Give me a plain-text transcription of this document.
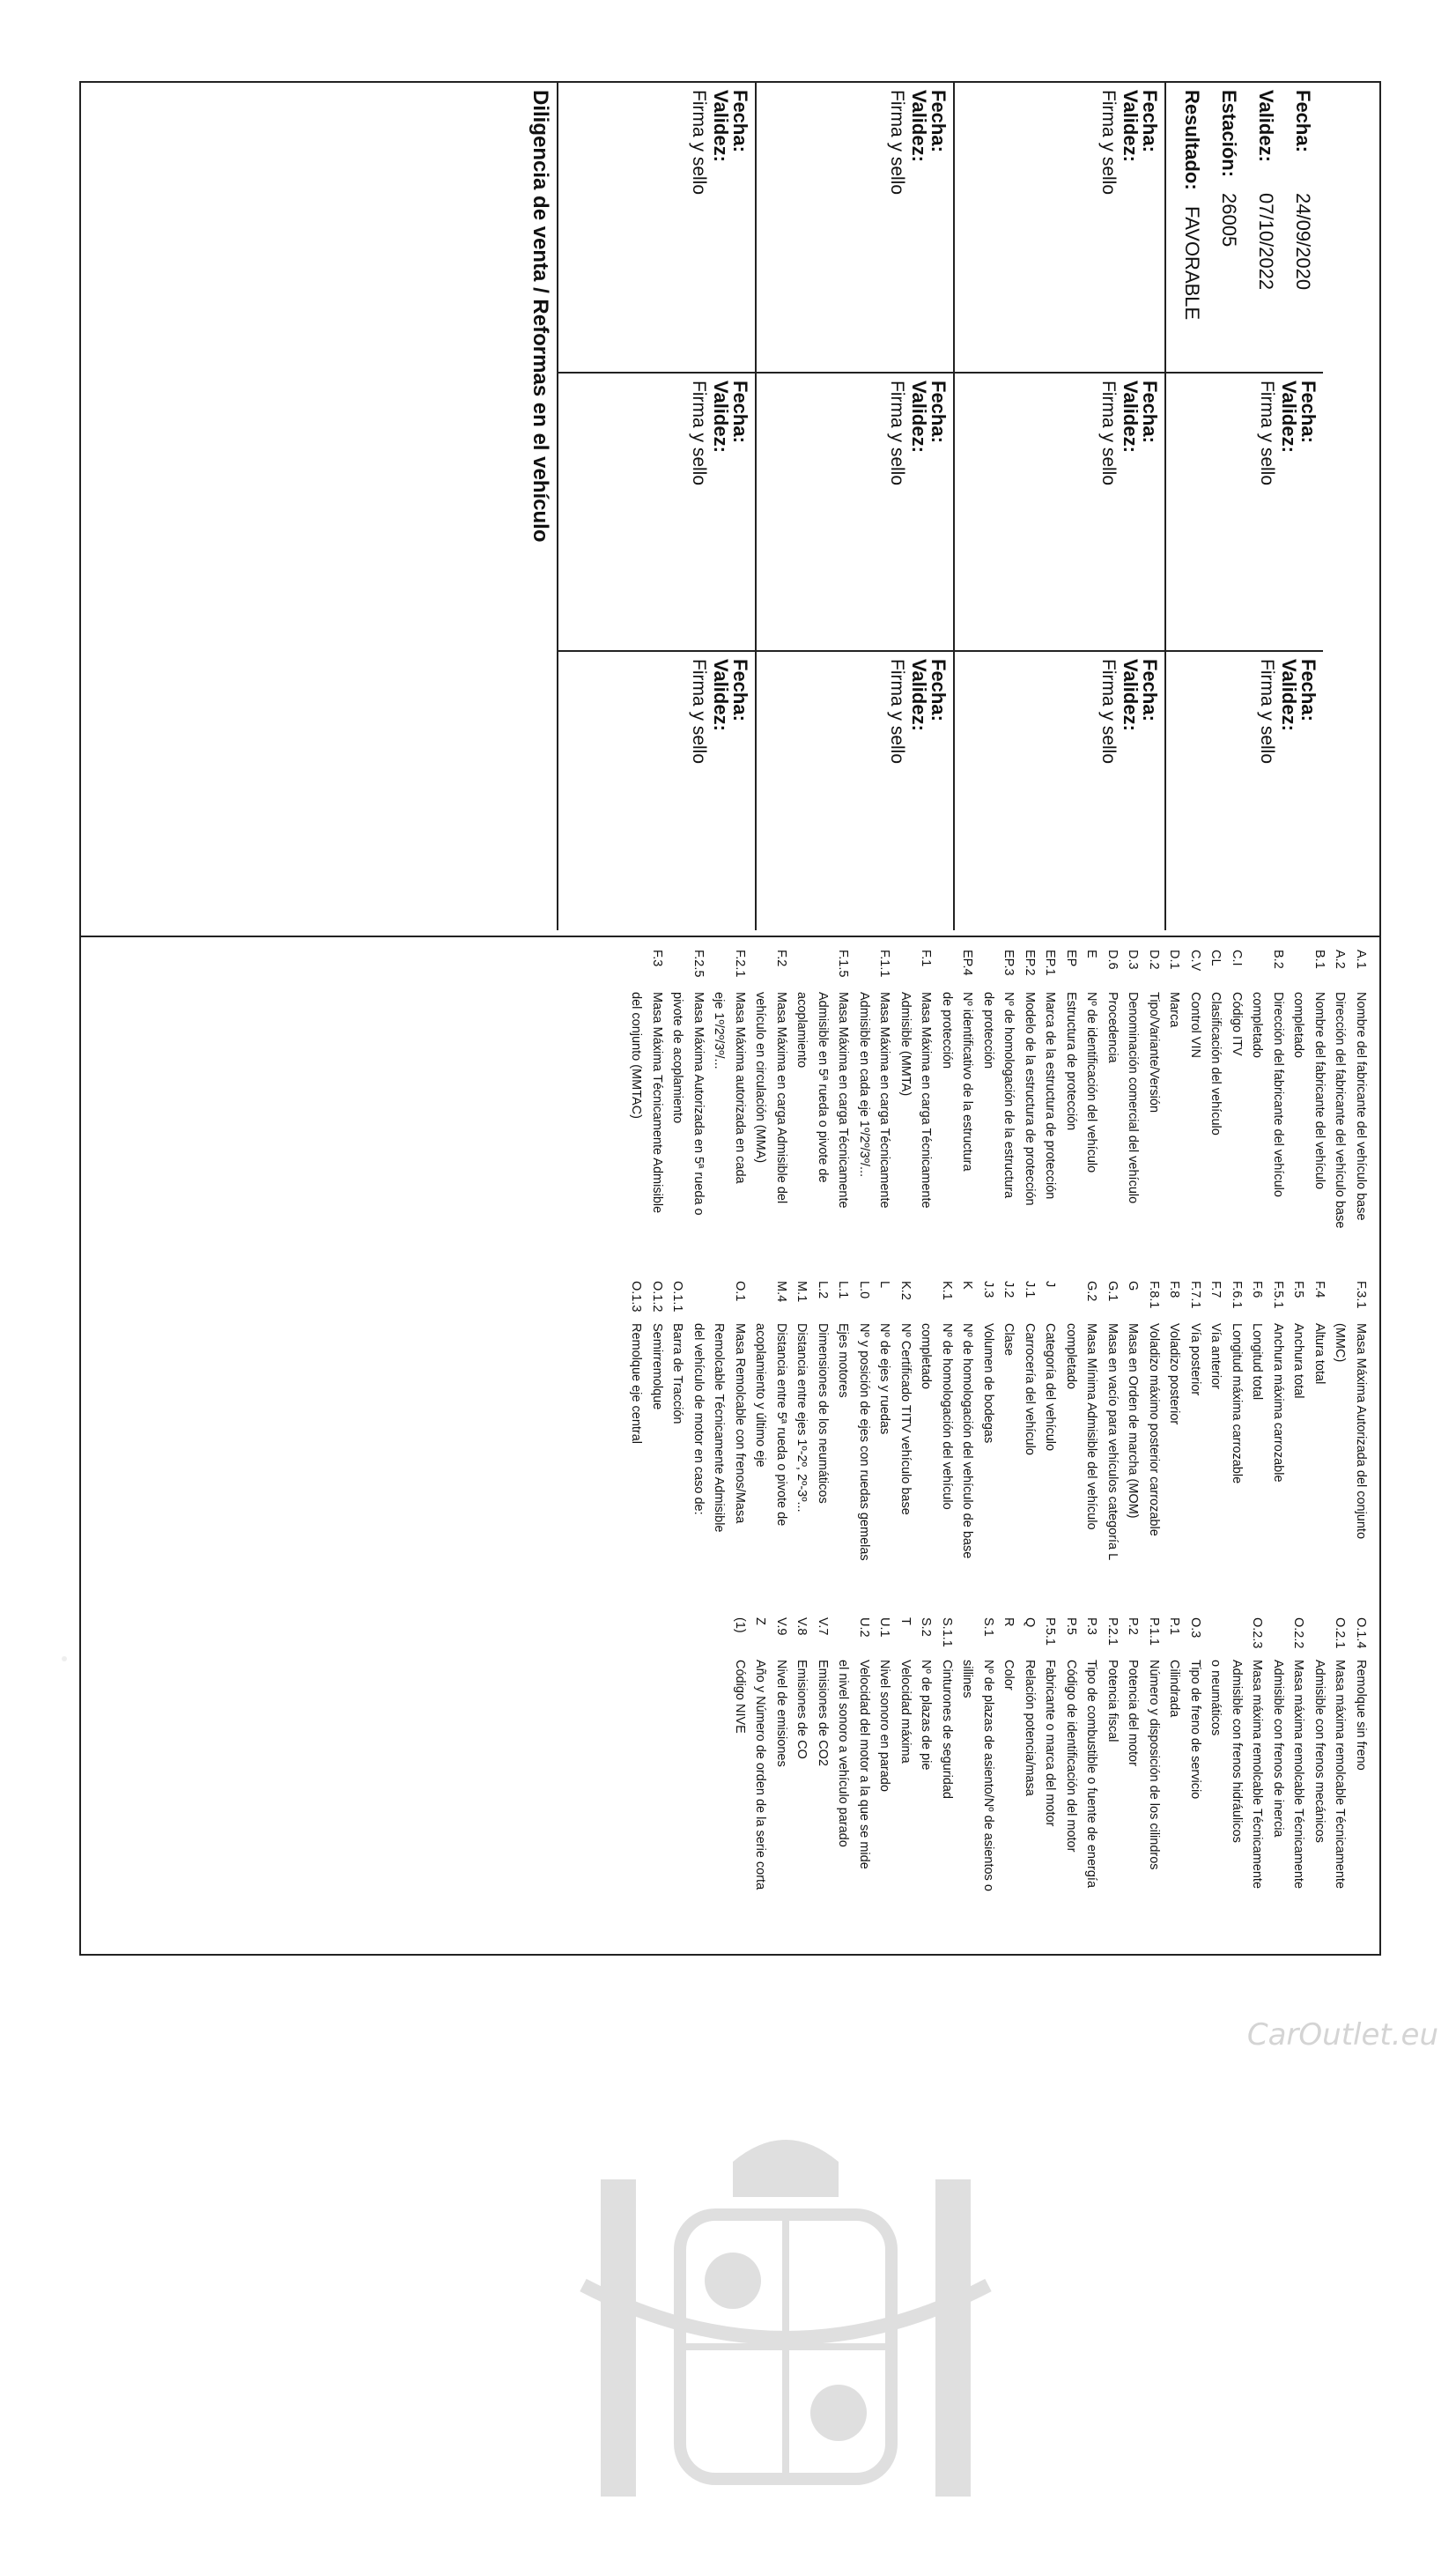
Fecha:
24/09/2020
Validez:
07/10/2022
Estación:
26005
Resultado:
FAVORABLE
Fecha:
Validez:
Firma y sello
Fecha:
Validez:
Firma y sello
Fecha:
Validez:
Firma y sello
Fecha:
Validez:
Firma y sello
Fecha:
Validez:
Firma y sello
Fecha:
Validez:
Firma y sello
Fecha:
Validez:
Firma y sello
Fecha:
Validez:
Firma y sello
Fecha:
Validez:
Firma y sello
Fecha:
Validez:
Firma y sello
Fecha:
Validez:
Firma y sello
Diligencia de venta / Reformas en el vehículo
A.1Nombre del fabricante del vehículo base
A.2Dirección del fabricante del vehículo base
B.1Nombre del fabricante del vehículo
completado
B.2Dirección del fabricante del vehículo
completado
C.ICódigo ITV
CLClasificación del vehículo
C.VControl VIN
D.1Marca
D.2Tipo/Variante/Versión
D.3Denominación comercial del vehículo
D.6Procedencia
ENº de identificación del vehículo
EPEstructura de protección
EP.1Marca de la estructura de protección
EP.2Modelo de la estructura de protección
EP.3Nº de homologación de la estructura
de protección
EP.4Nº identificativo de la estructura
de protección
F.1Masa Máxima en carga Técnicamente
Admisible (MMTA)
F.1.1Masa Máxima en carga Técnicamente
Admisible en cada eje 1º/2º/3º/...
F.1.5Masa Máxima en carga Técnicamente
Admisible en 5ª rueda o pivote de
acoplamiento
F.2Masa Máxima en carga Admisible del
vehículo en circulación (MMA)
F.2.1Masa Máxima autorizada en cada
eje 1º/2º/3º/...
F.2.5Masa Máxima Autorizada en 5ª rueda o
pivote de acoplamiento
F.3Masa Máxima Técnicamente Admisible
del conjunto (MMTAC)
F.3.1Masa Máxima Autorizada del conjunto
(MMC)
F.4Altura total
F.5Anchura total
F.5.1Anchura máxima carrozable
F.6Longitud total
F.6.1Longitud máxima carrozable
F.7Vía anterior
F.7.1Vía posterior
F.8Voladizo posterior
F.8.1Voladizo máximo posterior carrozable
GMasa en Orden de marcha (MOM)
G.1Masa en vacío para vehículos categoría L
G.2Masa Mínima Admisible del vehículo
completado
JCategoría del vehículo
J.1Carrocería del vehículo
J.2Clase
J.3Volumen de bodegas
KNº de homologación del vehículo de base
K.1Nº de homologación del vehículo
completado
K.2Nº Certificado TITV vehículo base
LNº de ejes y ruedas
L.0Nº y posición de ejes con ruedas gemelas
L.1Ejes motores
L.2Dimensiones de los neumáticos
M.1Distancia entre ejes 1º-2º, 2º-3º...
M.4Distancia entre 5ª rueda o pivote de
acoplamiento y último eje
O.1Masa Remolcable con frenos/Masa
Remolcable Técnicamente Admisible
del vehículo de motor en caso de:
O.1.1Barra de Tracción
O.1.2Semirremolque
O.1.3Remolque eje central
O.1.4Remolque sin freno
O.2.1Masa máxima remolcable Técnicamente
Admisible con frenos mecánicos
O.2.2Masa máxima remolcable Técnicamente
Admisible con frenos de inercia
O.2.3Masa máxima remolcable Técnicamente
Admisible con frenos hidráulicos
o neumáticos
O.3Tipo de freno de servicio
P.1Cilindrada
P.1.1Número y disposición de los cilindros
P.2Potencia del motor
P.2.1Potencia fiscal
P.3Tipo de combustible o fuente de energía
P.5Código de identificación del motor
P.5.1Fabricante o marca del motor
QRelación potencia/masa
RColor
S.1Nº de plazas de asiento/Nº de asientos o
sillines
S.1.1Cinturones de seguridad
S.2Nº de plazas de pie
TVelocidad máxima
U.1Nivel sonoro en parado
U.2Velocidad del motor a la que se mide
el nivel sonoro a vehículo parado
V.7Emisiones de CO2
V.8Emisiones de CO
V.9Nivel de emisiones
ZAño y Número de orden de la serie corta
(1)Código NIVE
CarOutlet.eu
